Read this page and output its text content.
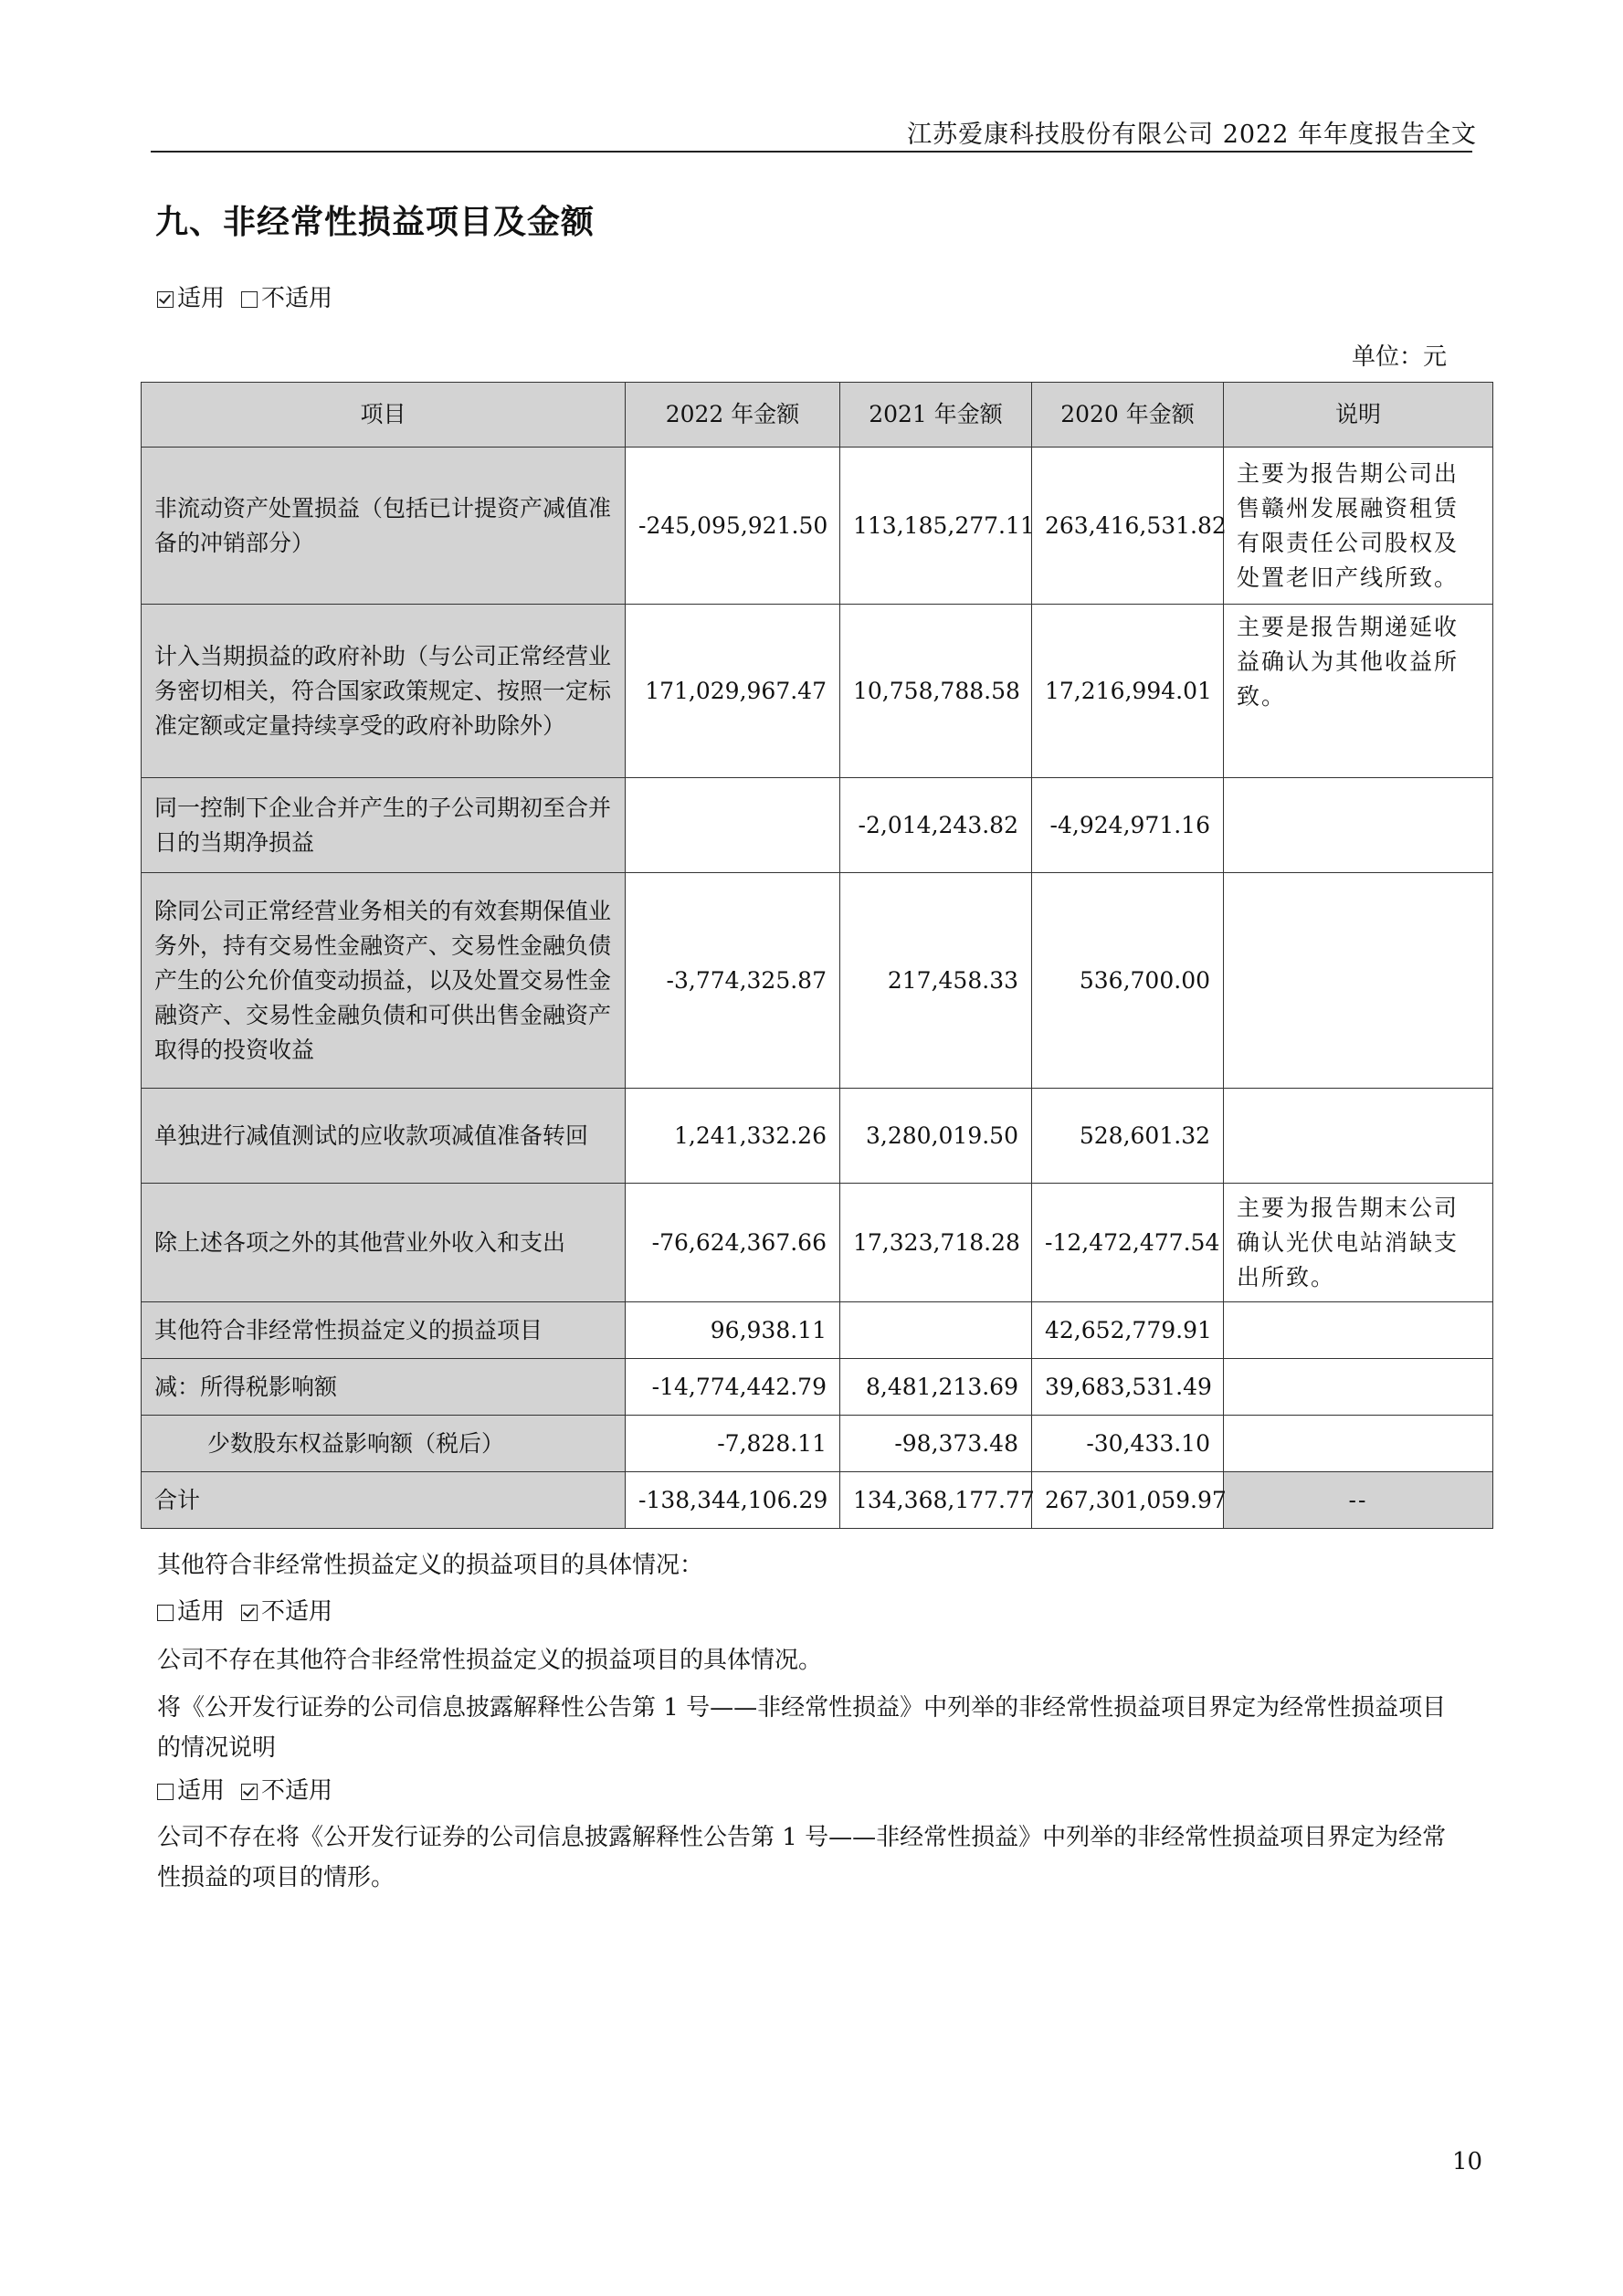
江苏爱康科技股份有限公司 2022 年年度报告全文
九、非经常性损益项目及金额
适用 不适用
单位：元
项目	2022 年金额	2021 年金额	2020 年金额	说明
非流动资产处置损益（包括已计提资产减值准备的冲销部分）	-245,095,921.50	113,185,277.11	263,416,531.82	主要为报告期公司出售赣州发展融资租赁有限责任公司股权及处置老旧产线所致。
计入当期损益的政府补助（与公司正常经营业务密切相关，符合国家政策规定、按照一定标准定额或定量持续享受的政府补助除外）	171,029,967.47	10,758,788.58	17,216,994.01	主要是报告期递延收益确认为其他收益所致。
同一控制下企业合并产生的子公司期初至合并日的当期净损益		-2,014,243.82	-4,924,971.16	
除同公司正常经营业务相关的有效套期保值业务外，持有交易性金融资产、交易性金融负债产生的公允价值变动损益，以及处置交易性金融资产、交易性金融负债和可供出售金融资产取得的投资收益	-3,774,325.87	217,458.33	536,700.00	
单独进行减值测试的应收款项减值准备转回	1,241,332.26	3,280,019.50	528,601.32	
除上述各项之外的其他营业外收入和支出	-76,624,367.66	17,323,718.28	-12,472,477.54	主要为报告期末公司确认光伏电站消缺支出所致。
其他符合非经常性损益定义的损益项目	96,938.11		42,652,779.91	
减：所得税影响额	-14,774,442.79	8,481,213.69	39,683,531.49	
少数股东权益影响额（税后）	-7,828.11	-98,373.48	-30,433.10	
合计	-138,344,106.29	134,368,177.77	267,301,059.97	--
其他符合非经常性损益定义的损益项目的具体情况：
适用 不适用
公司不存在其他符合非经常性损益定义的损益项目的具体情况。
将《公开发行证券的公司信息披露解释性公告第 1 号——非经常性损益》中列举的非经常性损益项目界定为经常性损益项目的情况说明
适用 不适用
公司不存在将《公开发行证券的公司信息披露解释性公告第 1 号——非经常性损益》中列举的非经常性损益项目界定为经常性损益的项目的情形。
10
